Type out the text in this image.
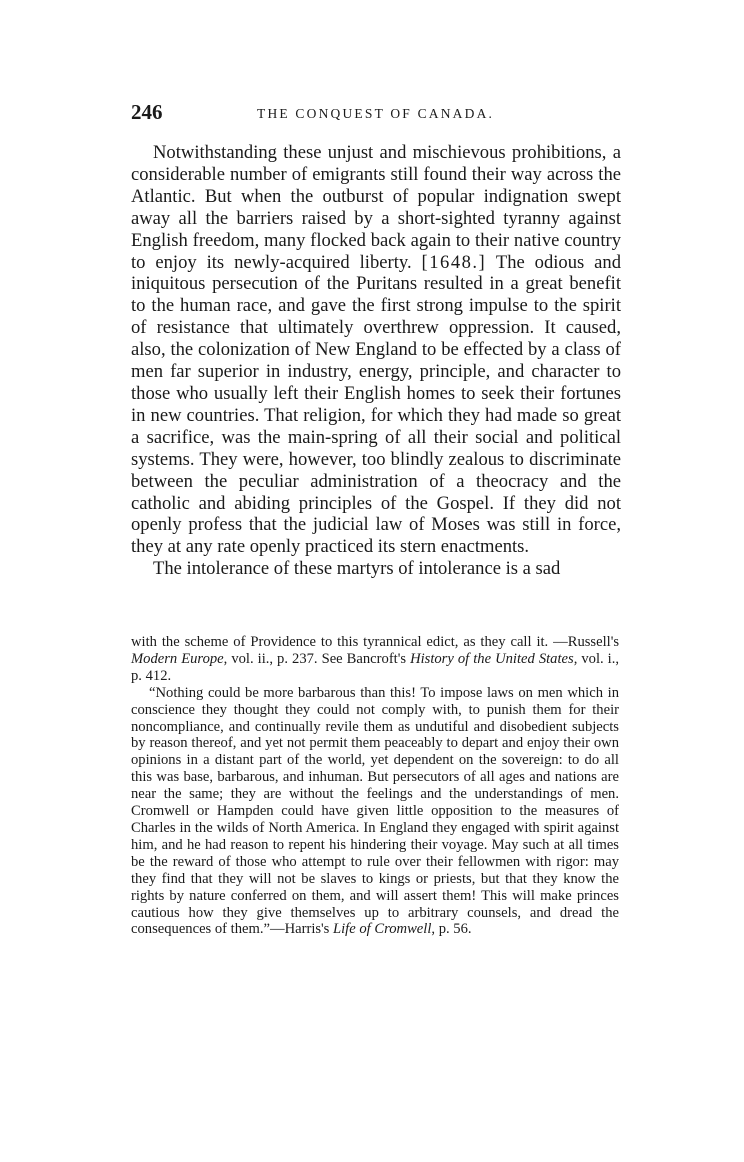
246	THE CONQUEST OF CANADA.

Notwithstanding these unjust and mischievous prohibitions, a considerable number of emigrants still found their way across the Atlantic. But when the outburst of popular indignation swept away all the barriers raised by a short-sighted tyranny against English freedom, many flocked back again to their native country to enjoy its newly-acquired liberty. [1648.] The odious and iniquitous persecution of the Puritans resulted in a great benefit to the human race, and gave the first strong impulse to the spirit of resistance that ultimately overthrew oppression. It caused, also, the colonization of New England to be effected by a class of men far superior in industry, energy, principle, and character to those who usually left their English homes to seek their fortunes in new countries. That religion, for which they had made so great a sacrifice, was the main-spring of all their social and political systems. They were, however, too blindly zealous to discriminate between the peculiar administration of a theocracy and the catholic and abiding principles of the Gospel. If they did not openly profess that the judicial law of Moses was still in force, they at any rate openly practiced its stern enactments.

The intolerance of these martyrs of intolerance is a sad

with the scheme of Providence to this tyrannical edict, as they call it. —Russell's Modern Europe, vol. ii., p. 237. See Bancroft's History of the United States, vol. i., p. 412.

“Nothing could be more barbarous than this! To impose laws on men which in conscience they thought they could not comply with, to punish them for their noncompliance, and continually revile them as undutiful and disobedient subjects by reason thereof, and yet not permit them peaceably to depart and enjoy their own opinions in a distant part of the world, yet dependent on the sovereign: to do all this was base, barbarous, and inhuman. But persecutors of all ages and nations are near the same; they are without the feelings and the understandings of men. Cromwell or Hampden could have given little opposition to the measures of Charles in the wilds of North America. In England they engaged with spirit against him, and he had reason to repent his hindering their voyage. May such at all times be the reward of those who attempt to rule over their fellowmen with rigor: may they find that they will not be slaves to kings or priests, but that they know the rights by nature conferred on them, and will assert them! This will make princes cautious how they give themselves up to arbitrary counsels, and dread the consequences of them.”—Harris's Life of Cromwell, p. 56.
